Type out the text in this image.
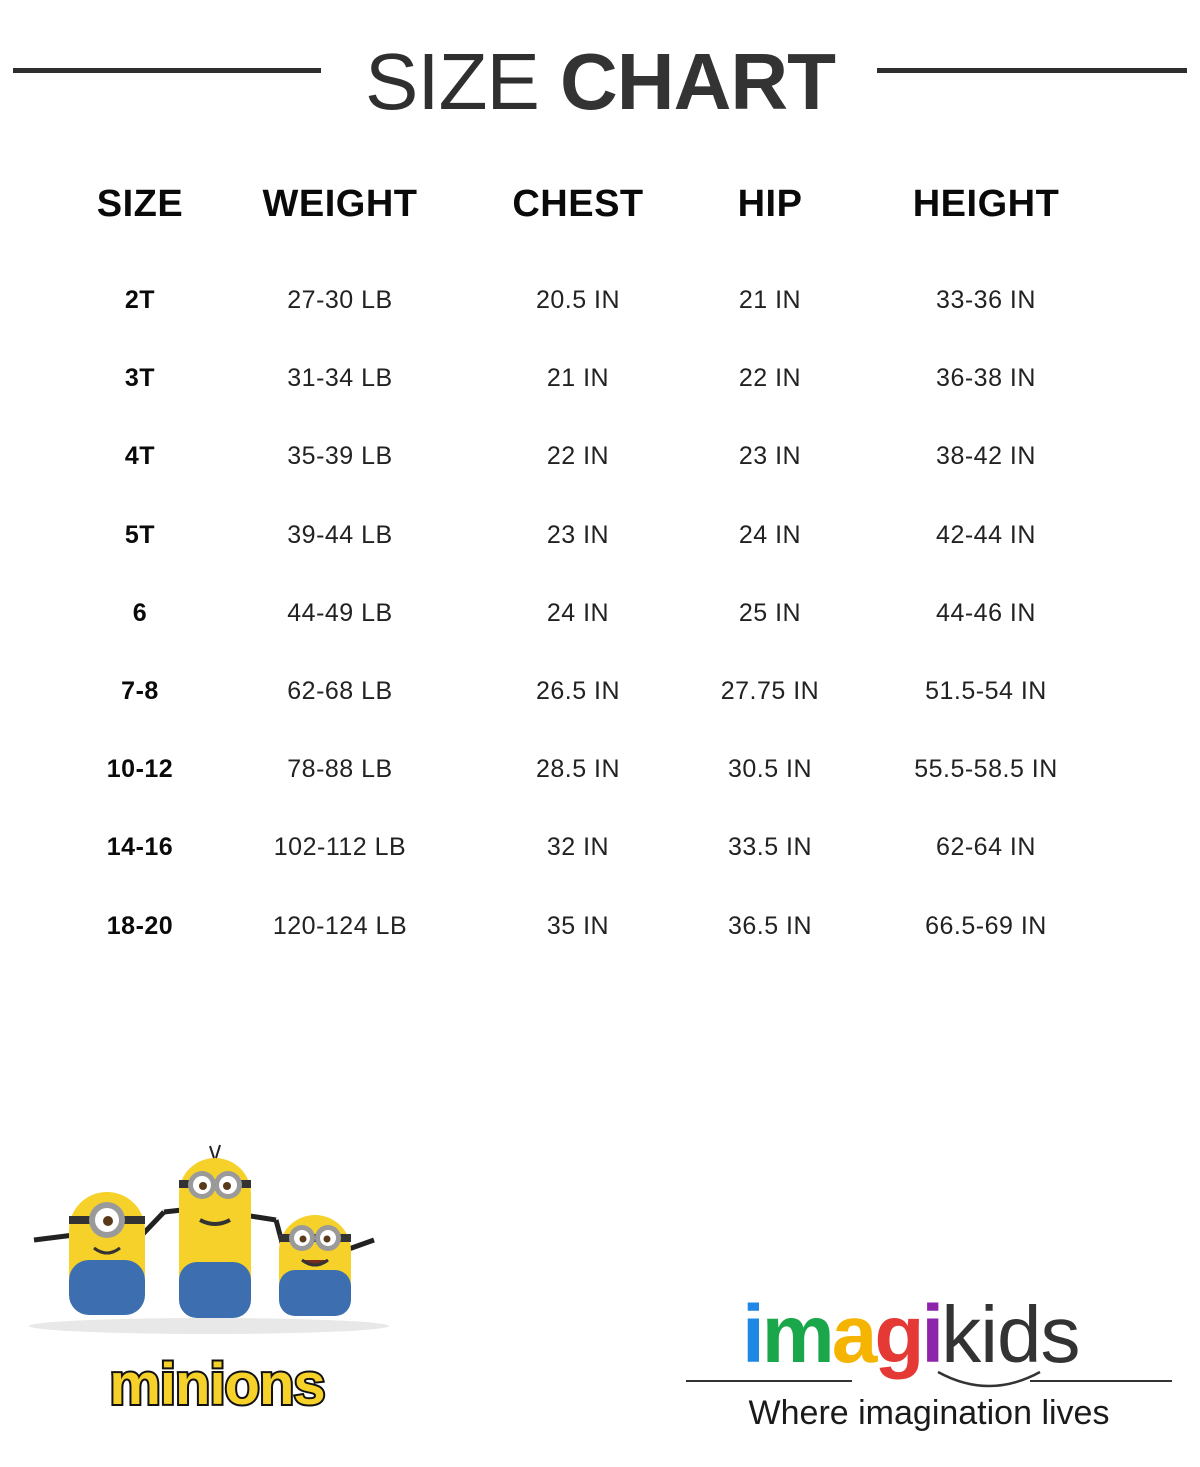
SIZE CHART
SIZE	WEIGHT	CHEST	HIP	HEIGHT
2T	27-30 LB	20.5 IN	21 IN	33-36 IN
3T	31-34 LB	21 IN	22 IN	36-38 IN
4T	35-39 LB	22 IN	23 IN	38-42 IN
5T	39-44 LB	23 IN	24 IN	42-44 IN
6	44-49 LB	24 IN	25 IN	44-46 IN
7-8	62-68 LB	26.5 IN	27.75 IN	51.5-54 IN
10-12	78-88 LB	28.5 IN	30.5 IN	55.5-58.5 IN
14-16	102-112 LB	32 IN	33.5 IN	62-64 IN
18-20	120-124 LB	35 IN	36.5 IN	66.5-69 IN
minions
imagikids
Where imagination lives
